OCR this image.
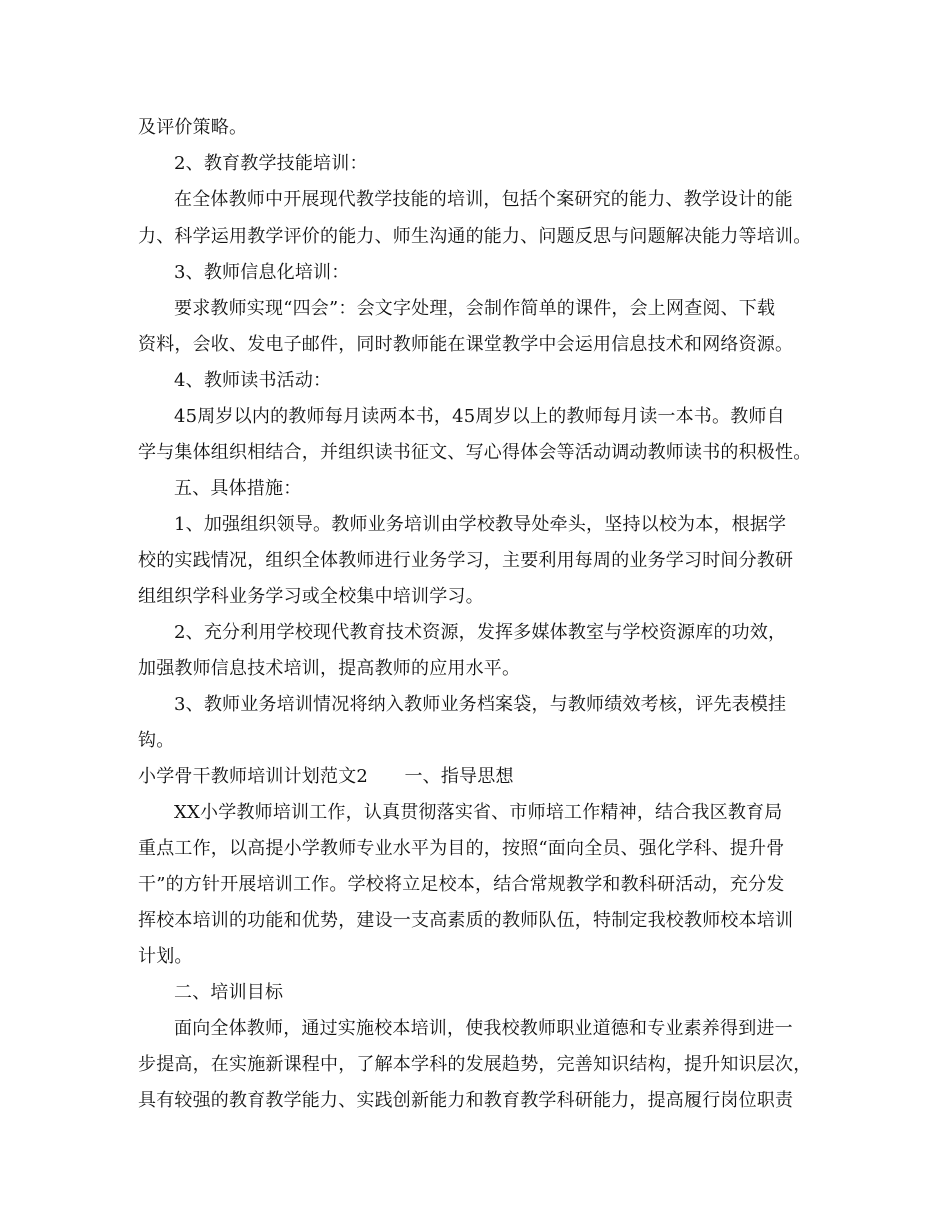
及评价策略。
2、教育教学技能培训：
在全体教师中开展现代教学技能的培训，包括个案研究的能力、教学设计的能
力、科学运用教学评价的能力、师生沟通的能力、问题反思与问题解决能力等培训。
3、教师信息化培训：
要求教师实现“四会”：会文字处理，会制作简单的课件，会上网查阅、下载
资料，会收、发电子邮件，同时教师能在课堂教学中会运用信息技术和网络资源。
4、教师读书活动：
45周岁以内的教师每月读两本书，45周岁以上的教师每月读一本书。教师自
学与集体组织相结合，并组织读书征文、写心得体会等活动调动教师读书的积极性。
五、具体措施：
1、加强组织领导。教师业务培训由学校教导处牵头，坚持以校为本，根据学
校的实践情况，组织全体教师进行业务学习，主要利用每周的业务学习时间分教研
组组织学科业务学习或全校集中培训学习。
2、充分利用学校现代教育技术资源，发挥多媒体教室与学校资源库的功效，
加强教师信息技术培训，提高教师的应用水平。
3、教师业务培训情况将纳入教师业务档案袋，与教师绩效考核，评先表模挂
钩。
小学骨干教师培训计划范文2　　一、指导思想
XX小学教师培训工作，认真贯彻落实省、市师培工作精神，结合我区教育局
重点工作，以高提小学教师专业水平为目的，按照“面向全员、强化学科、提升骨
干”的方针开展培训工作。学校将立足校本，结合常规教学和教科研活动，充分发
挥校本培训的功能和优势，建设一支高素质的教师队伍，特制定我校教师校本培训
计划。
二、培训目标
面向全体教师，通过实施校本培训，使我校教师职业道德和专业素养得到进一
步提高，在实施新课程中，了解本学科的发展趋势，完善知识结构，提升知识层次，
具有较强的教育教学能力、实践创新能力和教育教学科研能力，提高履行岗位职责
